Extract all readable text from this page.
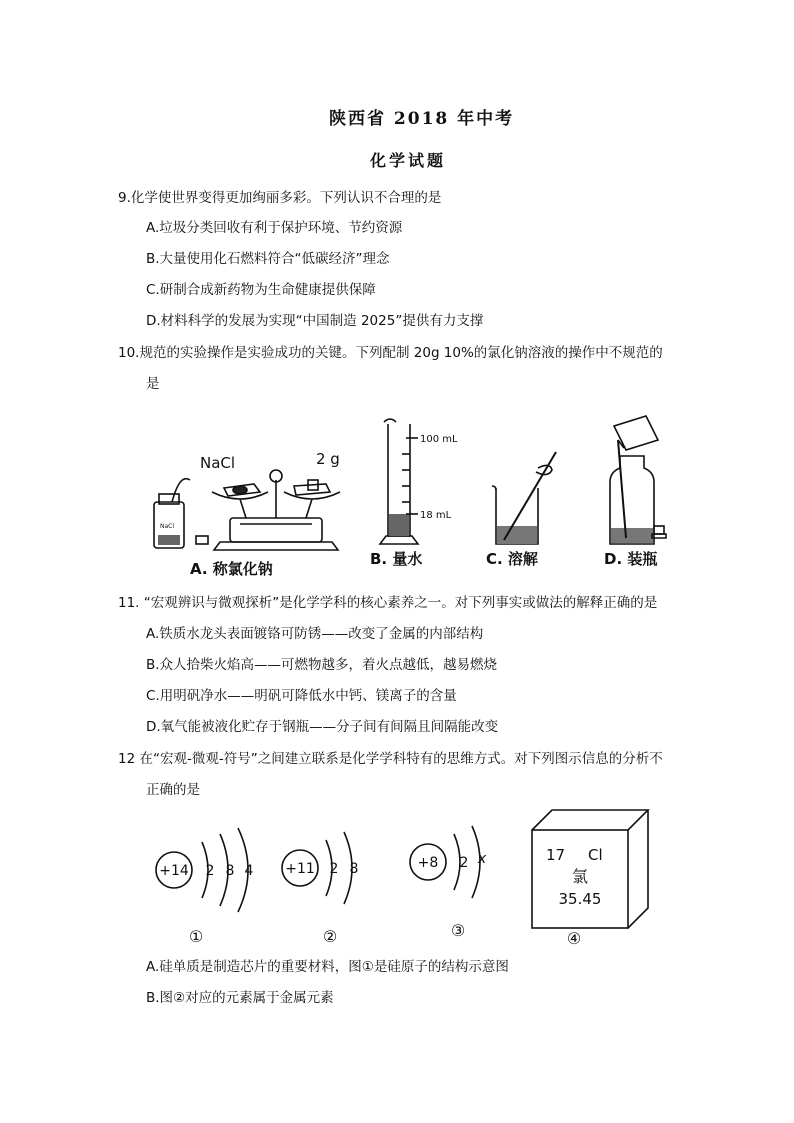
陕西省 2018 年中考
化学试题
9.化学使世界变得更加绚丽多彩。下列认识不合理的是
A.垃圾分类回收有利于保护环境、节约资源
B.大量使用化石燃料符合“低碳经济”理念
C.研制合成新药物为生命健康提供保障
D.材料科学的发展为实现“中国制造 2025”提供有力支撑
10.规范的实验操作是实验成功的关键。下列配制 20g 10%的氯化钠溶液的操作中不规范的
是
NaCl
NaCl
2 g
100 mL
18 mL
A. 称氯化钠
B. 量水	C. 溶解	D. 装瓶
11. “宏观辨识与微观探析”是化学学科的核心素养之一。对下列事实或做法的解释正确的是
A.铁质水龙头表面镀铬可防锈——改变了金属的内部结构
B.众人拾柴火焰高——可燃物越多，着火点越低，越易燃烧
C.用明矾净水——明矾可降低水中钙、镁离子的含量
D.氧气能被液化贮存于钢瓶——分子间有间隔且间隔能改变
12 在“宏观-微观-符号”之间建立联系是化学学科特有的思维方式。对下列图示信息的分析不
正确的是
+14 2 8 4
①
+11 2 8
②
+8 2 x
③
17 Cl
氯
35.45
④
A.硅单质是制造芯片的重要材料，图①是硅原子的结构示意图
B.图②对应的元素属于金属元素
